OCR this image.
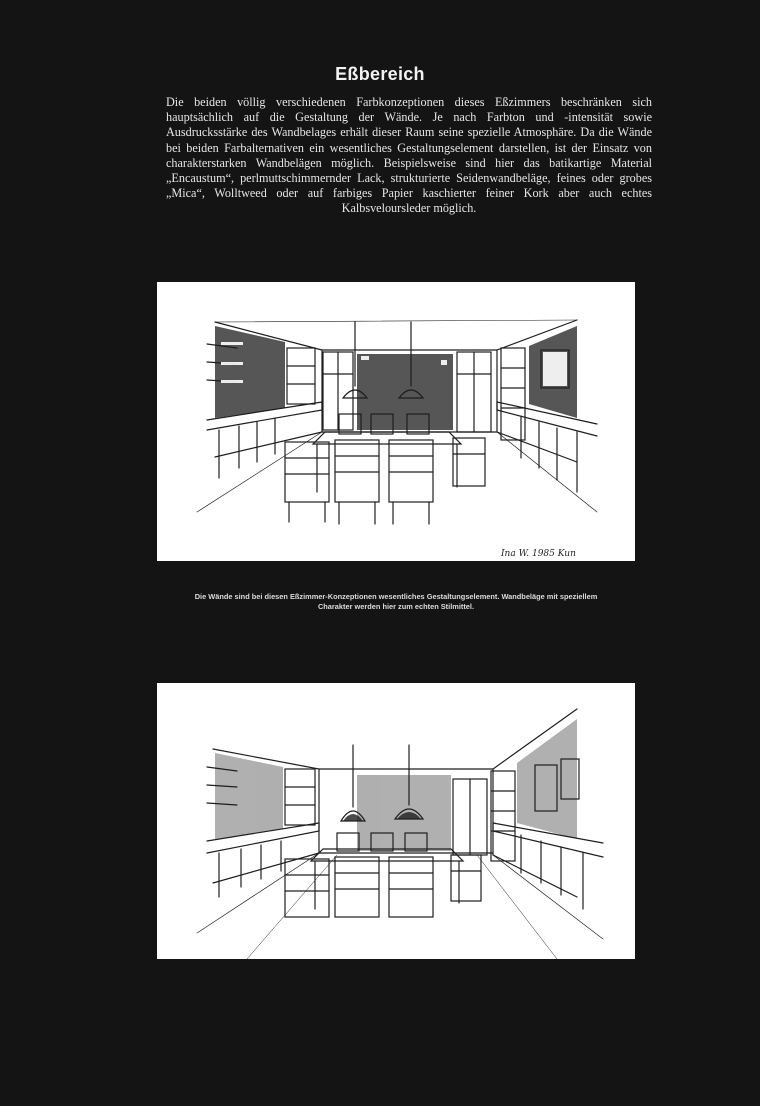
Eßbereich

Die beiden völlig verschiedenen Farbkonzeptionen dieses Eßzimmers beschränken sich hauptsächlich auf die Gestaltung der Wände. Je nach Farbton und -intensität sowie Ausdrucksstärke des Wandbelages erhält dieser Raum seine spezielle Atmosphäre. Da die Wände bei beiden Farbalternativen ein wesentliches Gestaltungselement darstellen, ist der Einsatz von charakterstarken Wandbelägen möglich. Beispielsweise sind hier das batikartige Material „Encaustum“, perlmuttschimmernder Lack, strukturierte Seidenwandbeläge, feines oder grobes „Mica“, Wolltweed oder auf farbiges Papier kaschierter feiner Kork aber auch echtes Kalbsveloursleder möglich.

Ina W. 1985 Kun

Die Wände sind bei diesen Eßzimmer-Konzeptionen wesentliches Gestaltungselement. Wandbeläge mit speziellem Charakter werden hier zum echten Stilmittel.
